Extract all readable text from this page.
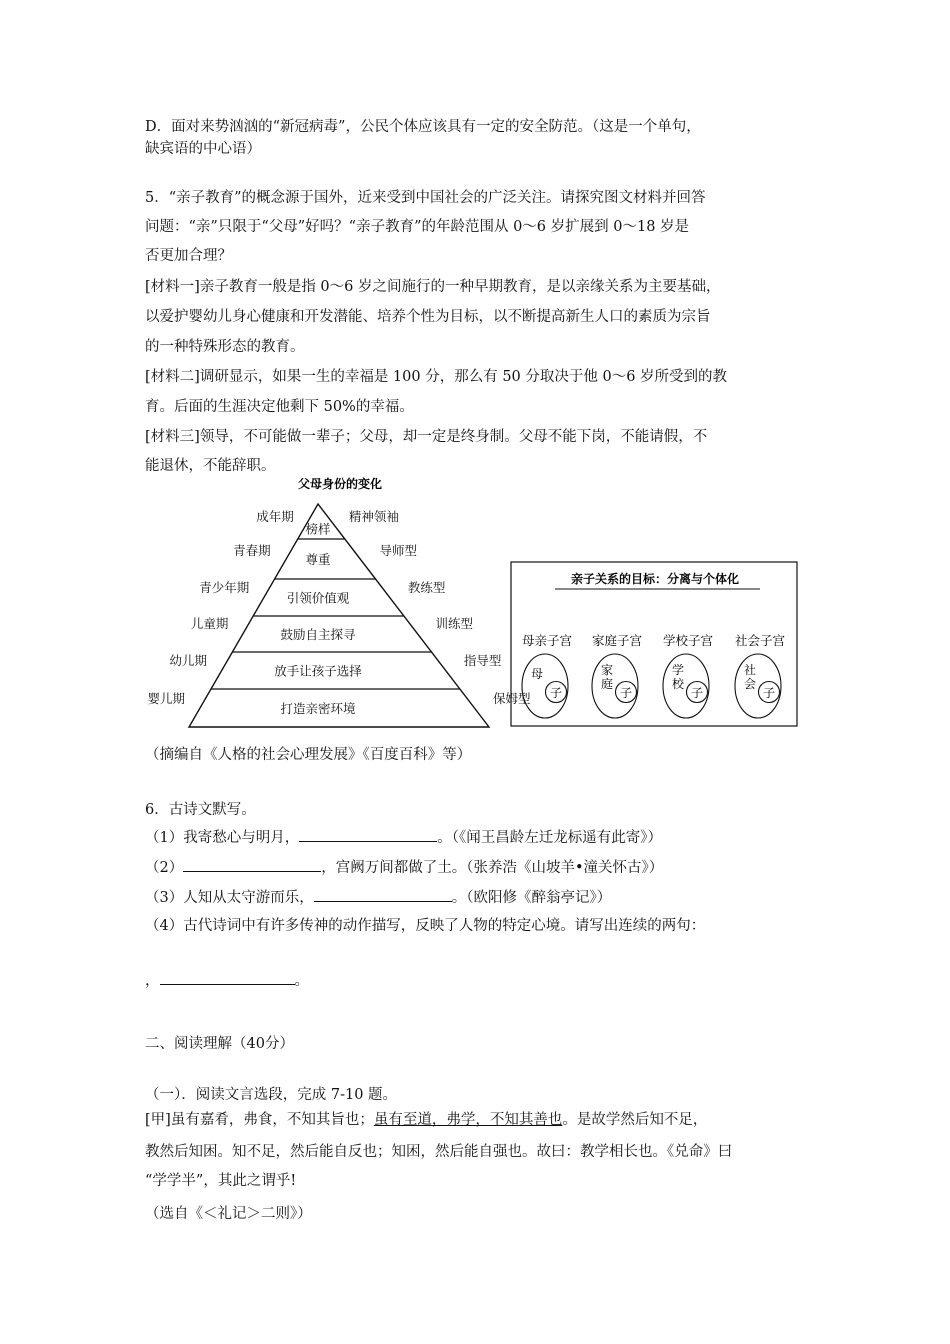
D．面对来势汹汹的“新冠病毒”，公民个体应该具有一定的安全防范。（这是一个单句，
缺宾语的中心语）
5．“亲子教育”的概念源于国外，近来受到中国社会的广泛关注。请探究图文材料并回答
问题：“亲”只限于“父母”好吗？“亲子教育”的年龄范围从 0～6 岁扩展到 0～18 岁是
否更加合理？
[材料一]亲子教育一般是指 0～6 岁之间施行的一种早期教育，是以亲缘关系为主要基础，
以爱护婴幼儿身心健康和开发潜能、培养个性为目标，以不断提高新生人口的素质为宗旨
的一种特殊形态的教育。
[材料二]调研显示，如果一生的幸福是 100 分，那么有 50 分取决于他 0～6 岁所受到的教
育。后面的生涯决定他剩下 50%的幸福。
[材料三]领导，不可能做一辈子；父母，却一定是终身制。父母不能下岗，不能请假，不
能退休，不能辞职。
父母身份的变化
榜样
成年期	精神领袖
尊重
青春期	导师型
引领价值观
青少年期	教练型
鼓励自主探寻
儿童期	训练型
放手让孩子选择
幼儿期	指导型
打造亲密环境
婴儿期	保姆型
亲子关系的目标：分离与个体化
母亲子宫
子
母
家庭子宫
子
家
庭
学校子宫
子
学
校
社会子宫
子
社
会
（摘编自《人格的社会心理发展》《百度百科》等）
6．古诗文默写。
（1）我寄愁心与明月，	。（《闻王昌龄左迁龙标遥有此寄》）
（2）	，宫阙万间都做了土。（张养浩《山坡羊•潼关怀古》）
（3）人知从太守游而乐，	。（欧阳修《醉翁亭记》）
（4）古代诗词中有许多传神的动作描写，反映了人物的特定心境。请写出连续的两句：
，	。
二、阅读理解（40分）
（一）．阅读文言选段，完成 7-10 题。
[甲]虽有嘉肴，弗食，不知其旨也；虽有至道，弗学，不知其善也。是故学然后知不足，
教然后知困。知不足，然后能自反也；知困，然后能自强也。故曰：教学相长也。《兑命》曰
“学学半”，其此之谓乎!
（选自《＜礼记＞二则》）
